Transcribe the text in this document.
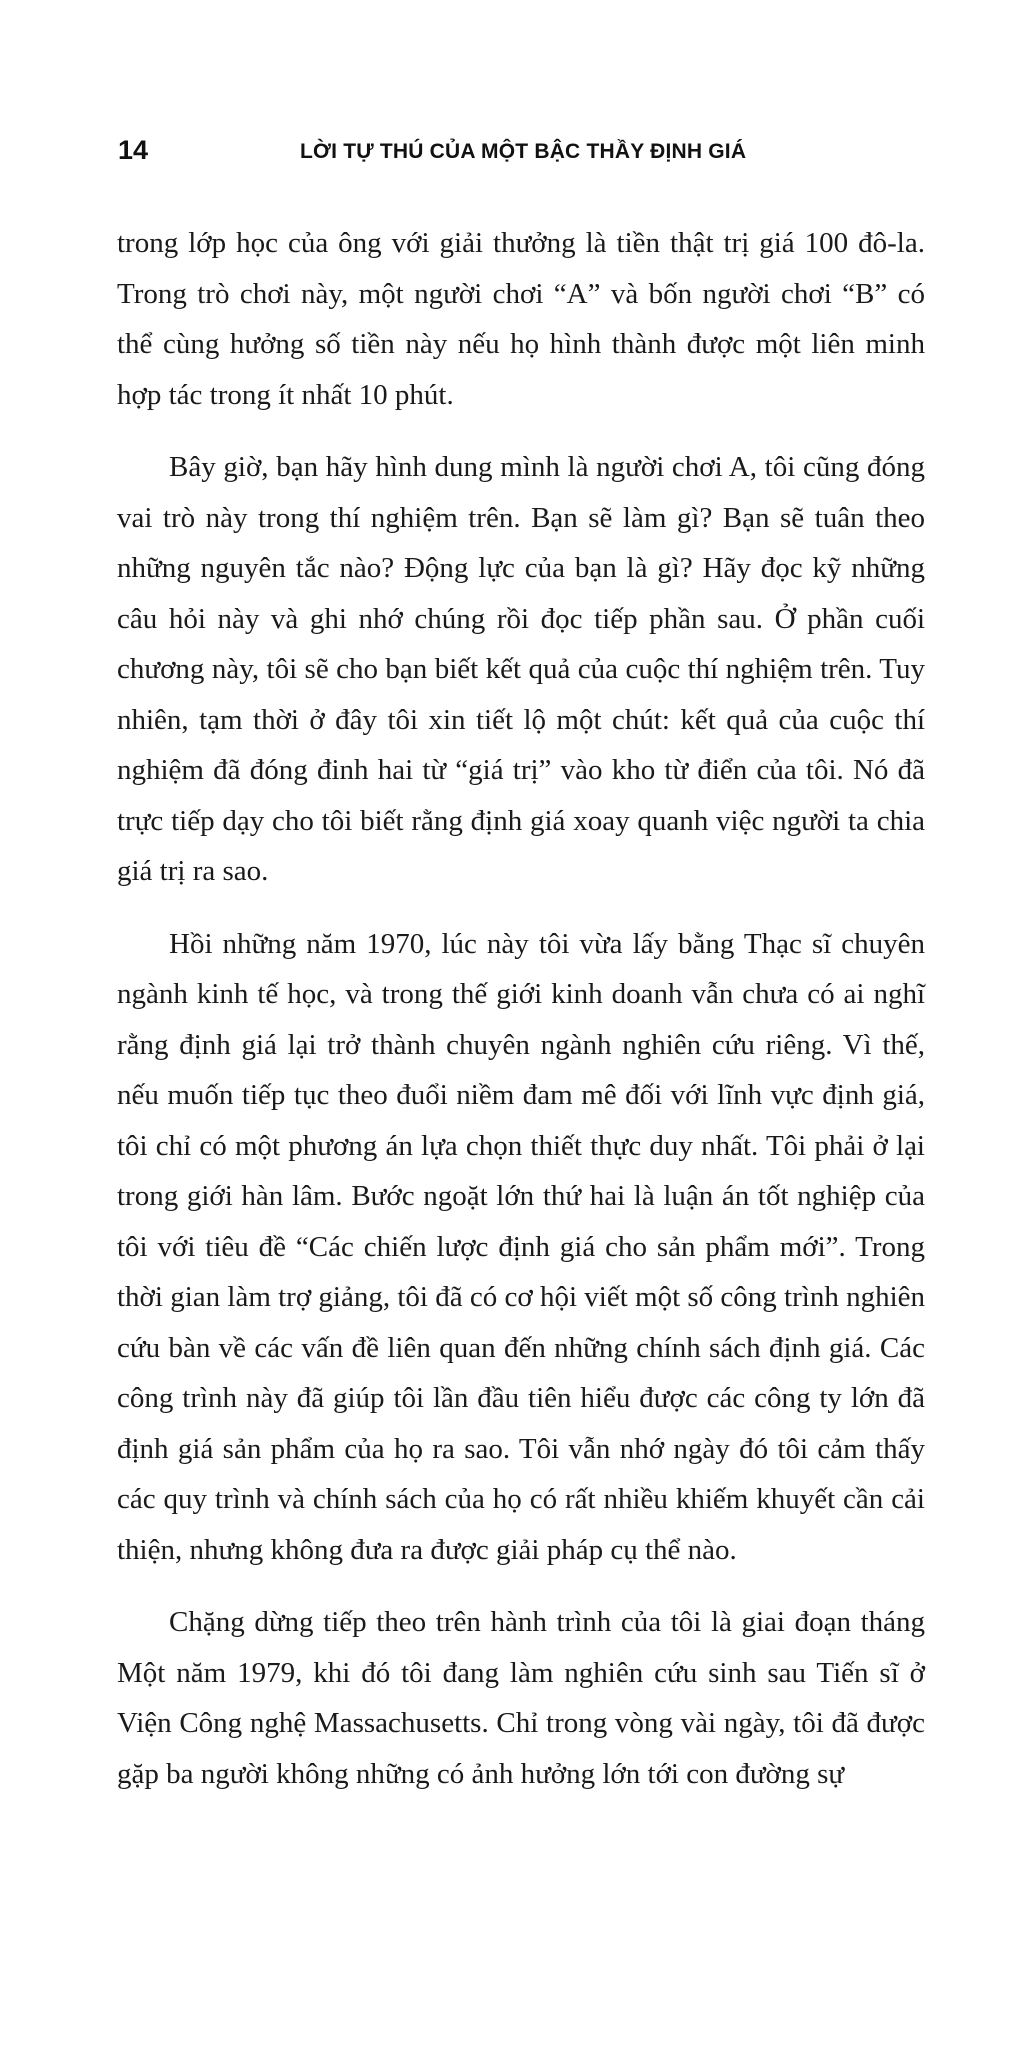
14	LỜI TỰ THÚ CỦA MỘT BẬC THẦY ĐỊNH GIÁ

trong lớp học của ông với giải thưởng là tiền thật trị giá 100 đô-la. Trong trò chơi này, một người chơi “A” và bốn người chơi “B” có thể cùng hưởng số tiền này nếu họ hình thành được một liên minh hợp tác trong ít nhất 10 phút.

Bây giờ, bạn hãy hình dung mình là người chơi A, tôi cũng đóng vai trò này trong thí nghiệm trên. Bạn sẽ làm gì? Bạn sẽ tuân theo những nguyên tắc nào? Động lực của bạn là gì? Hãy đọc kỹ những câu hỏi này và ghi nhớ chúng rồi đọc tiếp phần sau. Ở phần cuối chương này, tôi sẽ cho bạn biết kết quả của cuộc thí nghiệm trên. Tuy nhiên, tạm thời ở đây tôi xin tiết lộ một chút: kết quả của cuộc thí nghiệm đã đóng đinh hai từ “giá trị” vào kho từ điển của tôi. Nó đã trực tiếp dạy cho tôi biết rằng định giá xoay quanh việc người ta chia giá trị ra sao.

Hồi những năm 1970, lúc này tôi vừa lấy bằng Thạc sĩ chuyên ngành kinh tế học, và trong thế giới kinh doanh vẫn chưa có ai nghĩ rằng định giá lại trở thành chuyên ngành nghiên cứu riêng. Vì thế, nếu muốn tiếp tục theo đuổi niềm đam mê đối với lĩnh vực định giá, tôi chỉ có một phương án lựa chọn thiết thực duy nhất. Tôi phải ở lại trong giới hàn lâm. Bước ngoặt lớn thứ hai là luận án tốt nghiệp của tôi với tiêu đề “Các chiến lược định giá cho sản phẩm mới”. Trong thời gian làm trợ giảng, tôi đã có cơ hội viết một số công trình nghiên cứu bàn về các vấn đề liên quan đến những chính sách định giá. Các công trình này đã giúp tôi lần đầu tiên hiểu được các công ty lớn đã định giá sản phẩm của họ ra sao. Tôi vẫn nhớ ngày đó tôi cảm thấy các quy trình và chính sách của họ có rất nhiều khiếm khuyết cần cải thiện, nhưng không đưa ra được giải pháp cụ thể nào.

Chặng dừng tiếp theo trên hành trình của tôi là giai đoạn tháng Một năm 1979, khi đó tôi đang làm nghiên cứu sinh sau Tiến sĩ ở Viện Công nghệ Massachusetts. Chỉ trong vòng vài ngày, tôi đã được gặp ba người không những có ảnh hưởng lớn tới con đường sự
